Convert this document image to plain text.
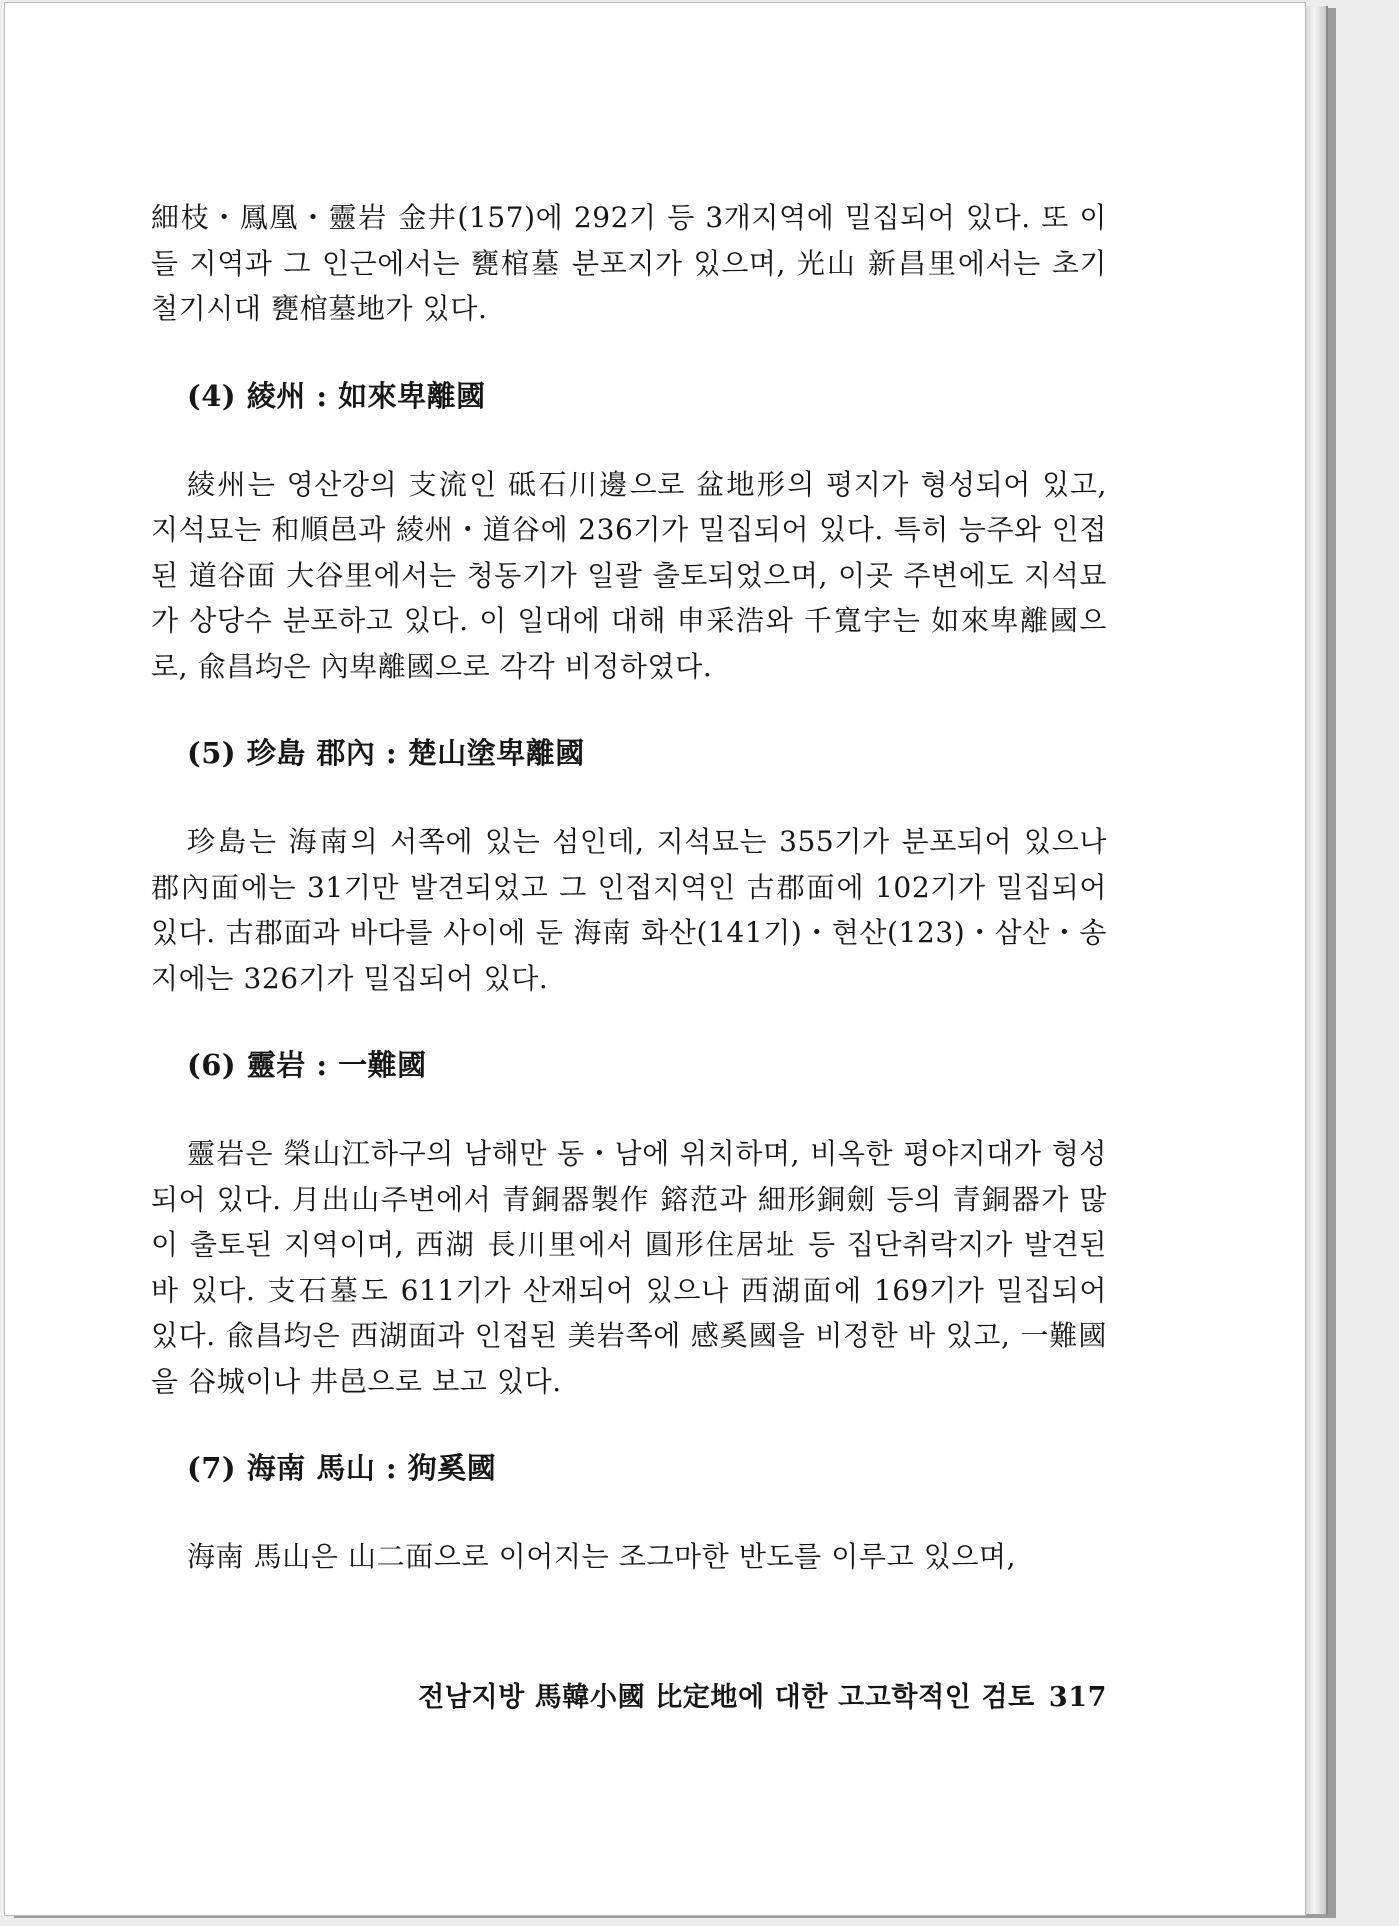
細枝・鳳凰・靈岩 金井(157)에 292기 등 3개지역에 밀집되어 있다. 또 이들 지역과 그 인근에서는 甕棺墓 분포지가 있으며, 光山 新昌里에서는 초기철기시대 甕棺墓地가 있다.

(4) 綾州 : 如來卑離國

綾州는 영산강의 支流인 砥石川邊으로 盆地形의 평지가 형성되어 있고, 지석묘는 和順邑과 綾州・道谷에 236기가 밀집되어 있다. 특히 능주와 인접된 道谷面 大谷里에서는 청동기가 일괄 출토되었으며, 이곳 주변에도 지석묘가 상당수 분포하고 있다. 이 일대에 대해 申采浩와 千寬宇는 如來卑離國으로, 兪昌均은 內卑離國으로 각각 비정하였다.

(5) 珍島 郡內 : 楚山塗卑離國

珍島는 海南의 서쪽에 있는 섬인데, 지석묘는 355기가 분포되어 있으나 郡內面에는 31기만 발견되었고 그 인접지역인 古郡面에 102기가 밀집되어 있다. 古郡面과 바다를 사이에 둔 海南 화산(141기)・현산(123)・삼산・송지에는 326기가 밀집되어 있다.

(6) 靈岩 : 一難國

靈岩은 榮山江하구의 남해만 동・남에 위치하며, 비옥한 평야지대가 형성되어 있다. 月出山주변에서 青銅器製作 鎔范과 細形銅劍 등의 青銅器가 많이 출토된 지역이며, 西湖 長川里에서 圓形住居址 등 집단취락지가 발견된 바 있다. 支石墓도 611기가 산재되어 있으나 西湖面에 169기가 밀집되어 있다. 兪昌均은 西湖面과 인접된 美岩쪽에 感奚國을 비정한 바 있고, 一難國을 谷城이나 井邑으로 보고 있다.

(7) 海南 馬山 : 狗奚國

海南 馬山은 山二面으로 이어지는 조그마한 반도를 이루고 있으며,

전남지방 馬韓小國 比定地에 대한 고고학적인 검토 317
